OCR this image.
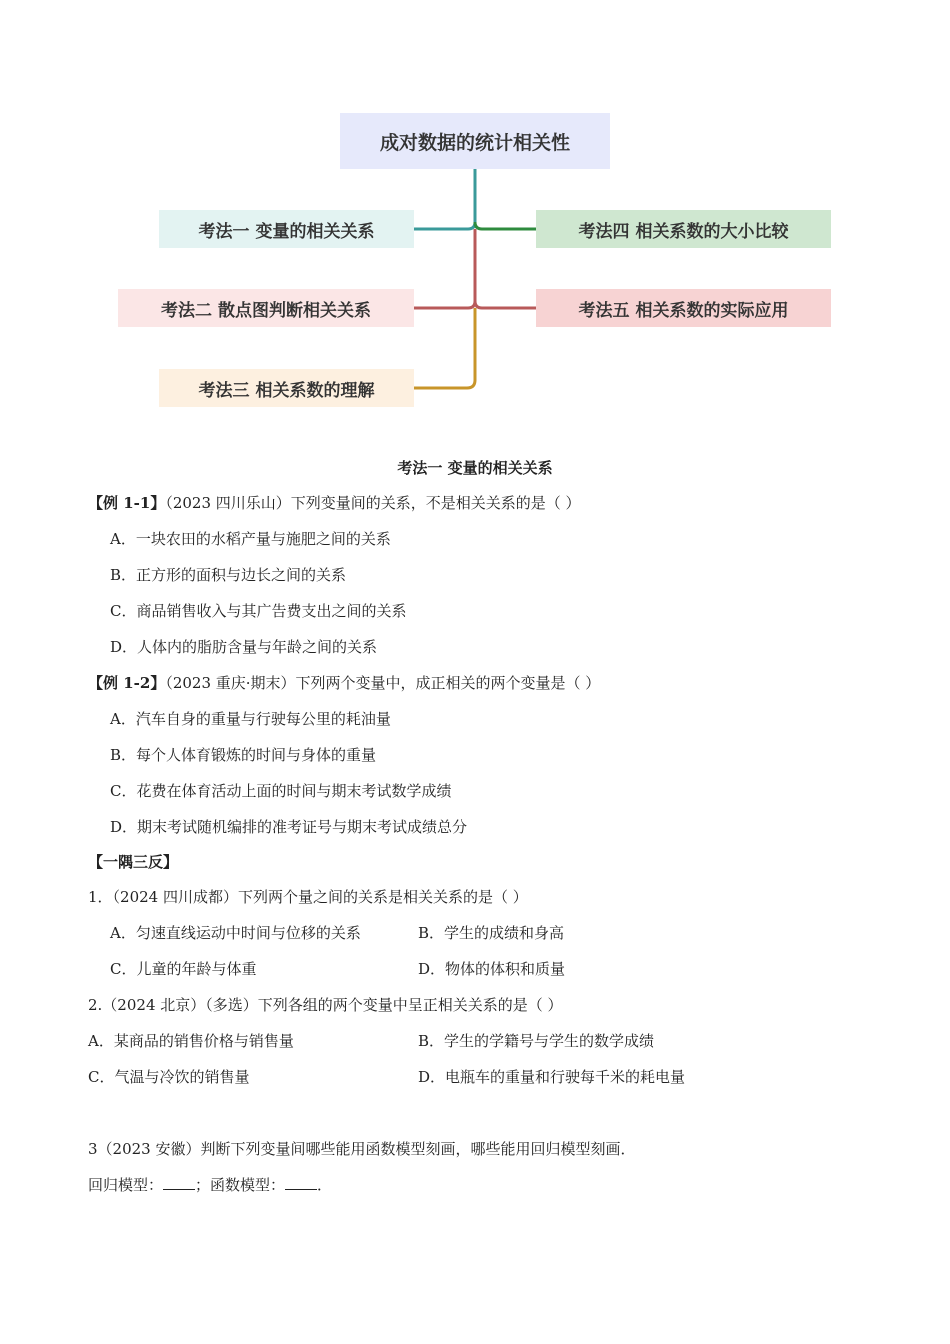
成对数据的统计相关性
考法一 变量的相关关系
考法二 散点图判断相关关系
考法三 相关系数的理解
考法四 相关系数的大小比较
考法五 相关系数的实际应用
考法一 变量的相关关系
【例 1-1】（2023 四川乐山）下列变量间的关系，不是相关关系的是（ ）
A．一块农田的水稻产量与施肥之间的关系
B．正方形的面积与边长之间的关系
C．商品销售收入与其广告费支出之间的关系
D．人体内的脂肪含量与年龄之间的关系
【例 1-2】（2023 重庆·期末）下列两个变量中，成正相关的两个变量是（ ）
A．汽车自身的重量与行驶每公里的耗油量
B．每个人体育锻炼的时间与身体的重量
C．花费在体育活动上面的时间与期末考试数学成绩
D．期末考试随机编排的准考证号与期末考试成绩总分
【一隅三反】
1．（2024 四川成都）下列两个量之间的关系是相关关系的是（ ）
A．匀速直线运动中时间与位移的关系	B．学生的成绩和身高
C．儿童的年龄与体重	D．物体的体积和质量
2.（2024 北京）（多选）下列各组的两个变量中呈正相关关系的是（ ）
A．某商品的销售价格与销售量	B．学生的学籍号与学生的数学成绩
C．气温与冷饮的销售量	D．电瓶车的重量和行驶每千米的耗电量
3（2023 安徽）判断下列变量间哪些能用函数模型刻画，哪些能用回归模型刻画．
回归模型： ；函数模型： ．
